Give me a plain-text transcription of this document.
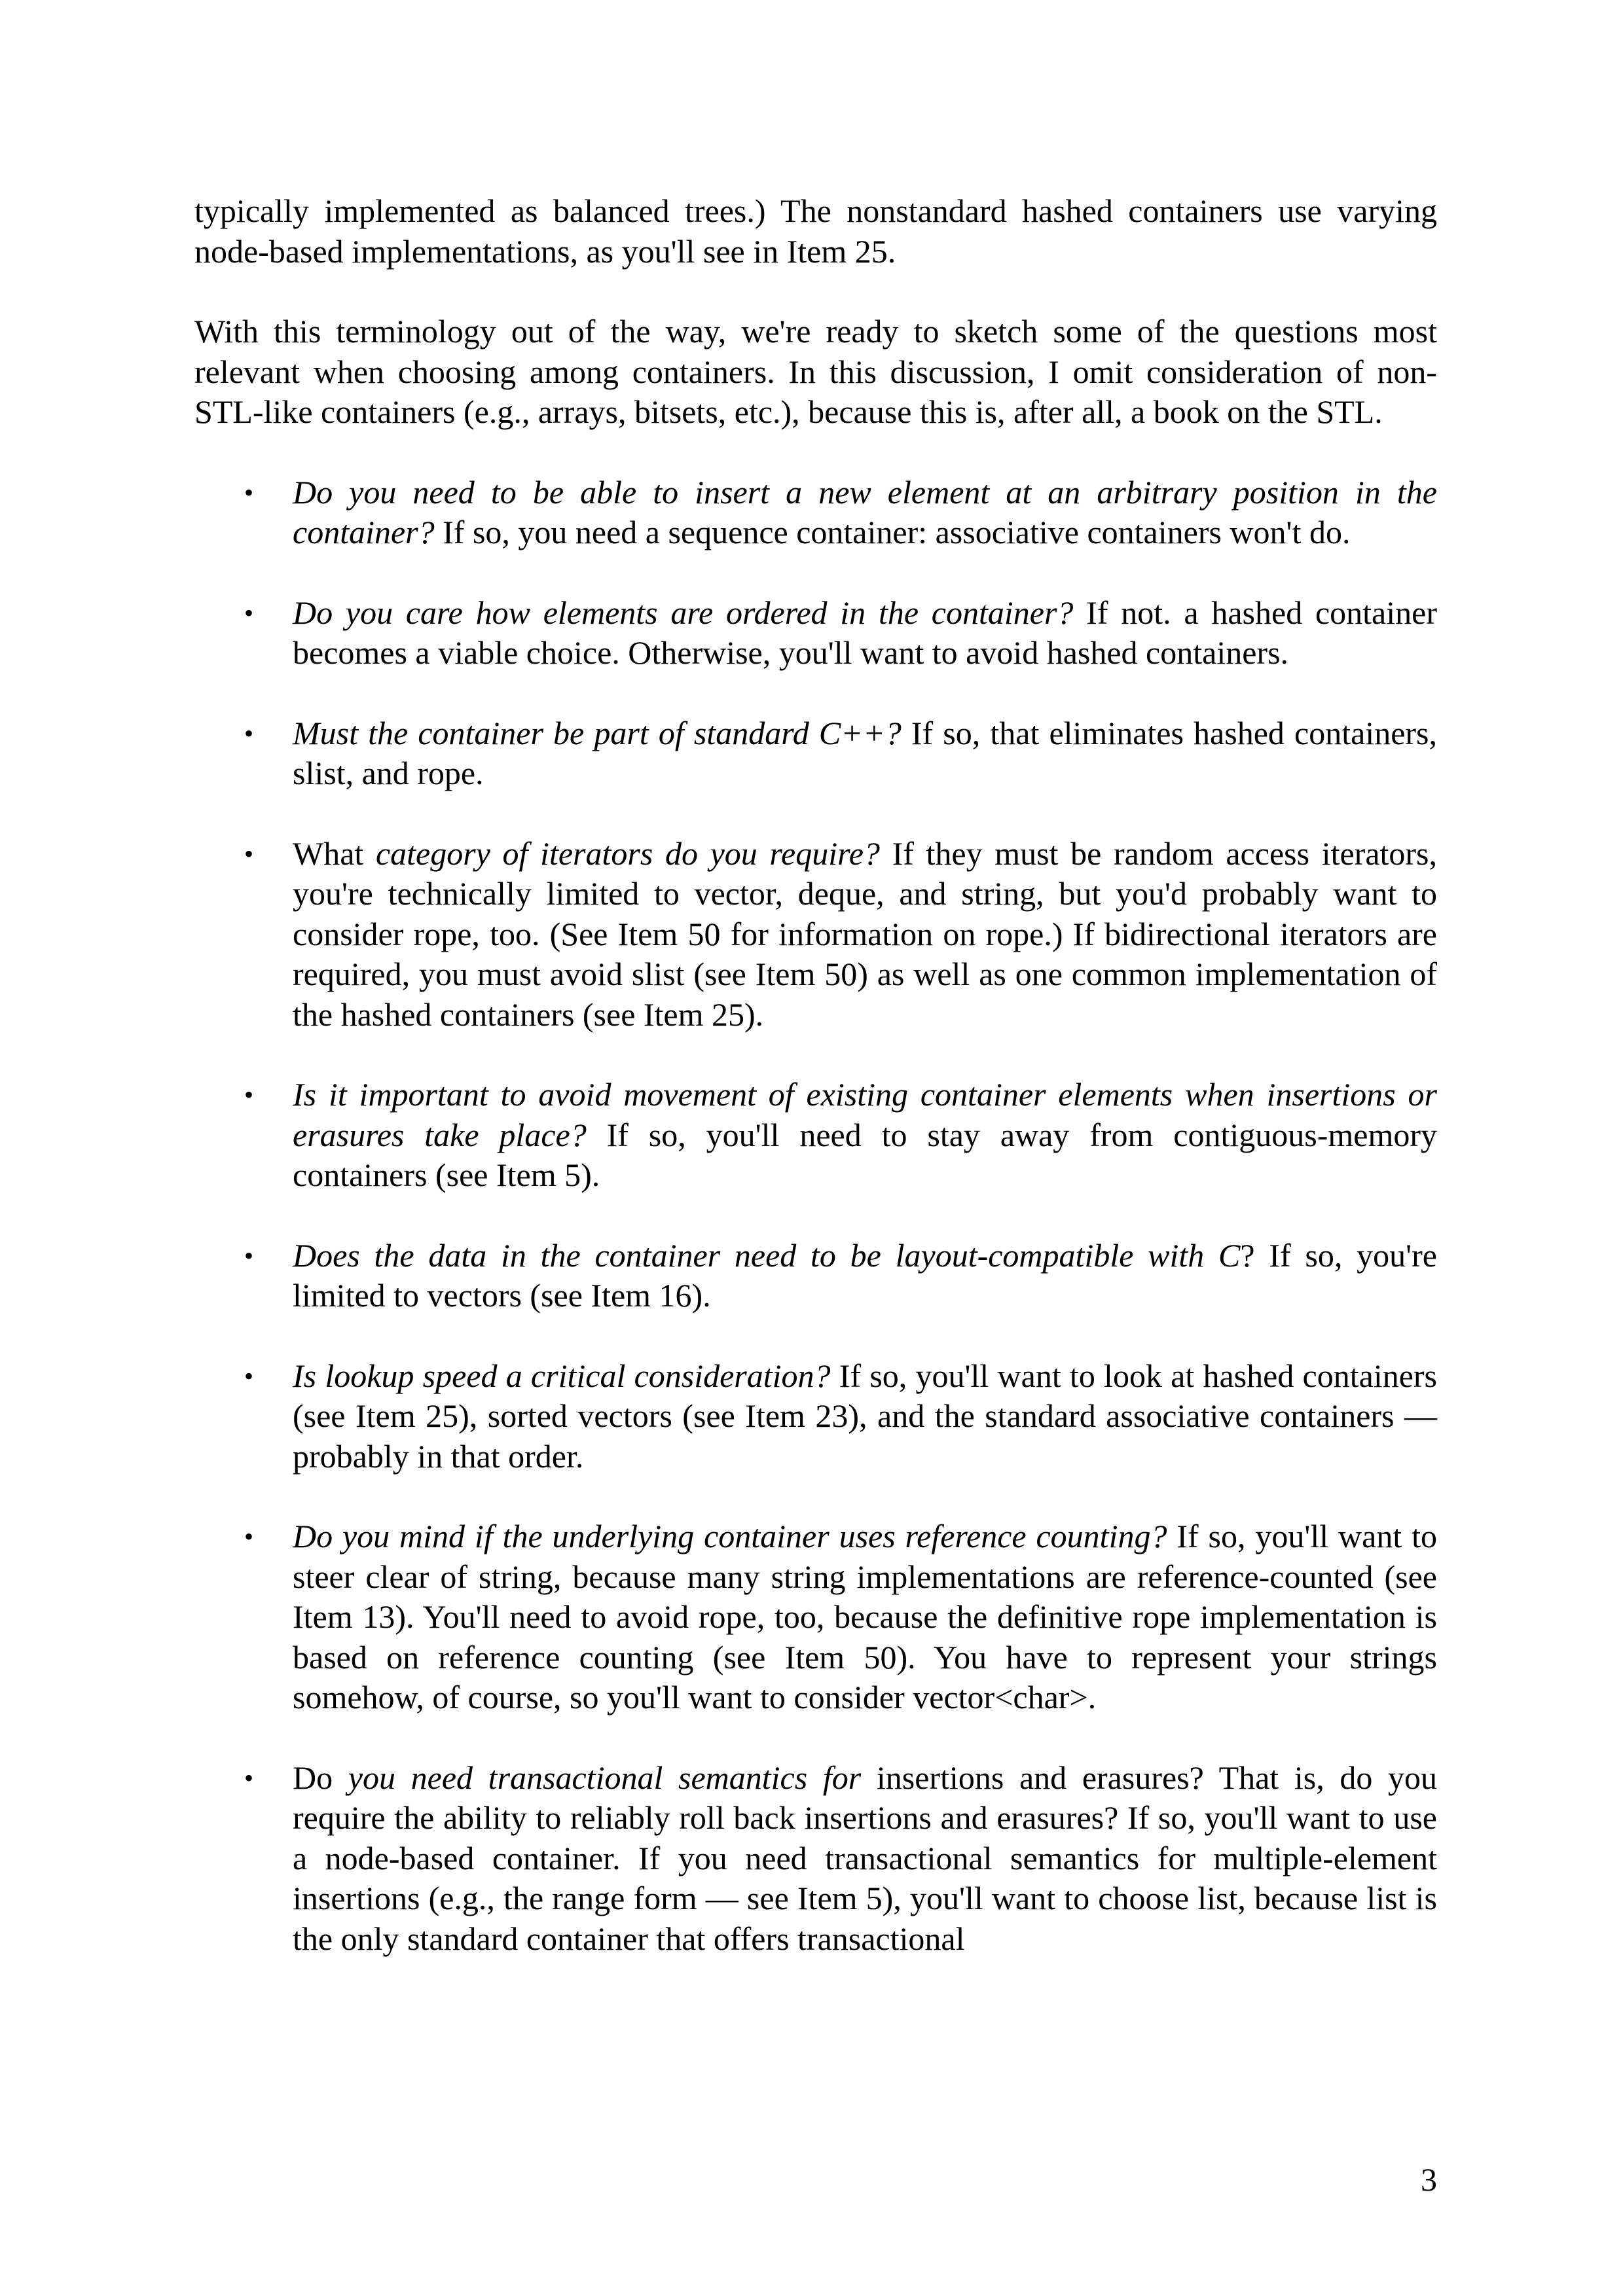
typically implemented as balanced trees.) The nonstandard hashed containers use varying node-based implementations, as you'll see in Item 25.

With this terminology out of the way, we're ready to sketch some of the questions most relevant when choosing among containers. In this discussion, I omit consideration of non-STL-like containers (e.g., arrays, bitsets, etc.), because this is, after all, a book on the STL.

• Do you need to be able to insert a new element at an arbitrary position in the container? If so, you need a sequence container: associative containers won't do.
• Do you care how elements are ordered in the container? If not. a hashed container becomes a viable choice. Otherwise, you'll want to avoid hashed containers.
• Must the container be part of standard C++? If so, that eliminates hashed containers, slist, and rope.
• What category of iterators do you require? If they must be random access iterators, you're technically limited to vector, deque, and string, but you'd probably want to consider rope, too. (See Item 50 for information on rope.) If bidirectional iterators are required, you must avoid slist (see Item 50) as well as one common implementation of the hashed containers (see Item 25).
• Is it important to avoid movement of existing container elements when insertions or erasures take place? If so, you'll need to stay away from contiguous-memory containers (see Item 5).
• Does the data in the container need to be layout-compatible with C? If so, you're limited to vectors (see Item 16).
• Is lookup speed a critical consideration? If so, you'll want to look at hashed containers (see Item 25), sorted vectors (see Item 23), and the standard associative containers — probably in that order.
• Do you mind if the underlying container uses reference counting? If so, you'll want to steer clear of string, because many string implementations are reference-counted (see Item 13). You'll need to avoid rope, too, because the definitive rope implementation is based on reference counting (see Item 50). You have to represent your strings somehow, of course, so you'll want to consider vector<char>.
• Do you need transactional semantics for insertions and erasures? That is, do you require the ability to reliably roll back insertions and erasures? If so, you'll want to use a node-based container. If you need transactional semantics for multiple-element insertions (e.g., the range form — see Item 5), you'll want to choose list, because list is the only standard container that offers transactional
3
